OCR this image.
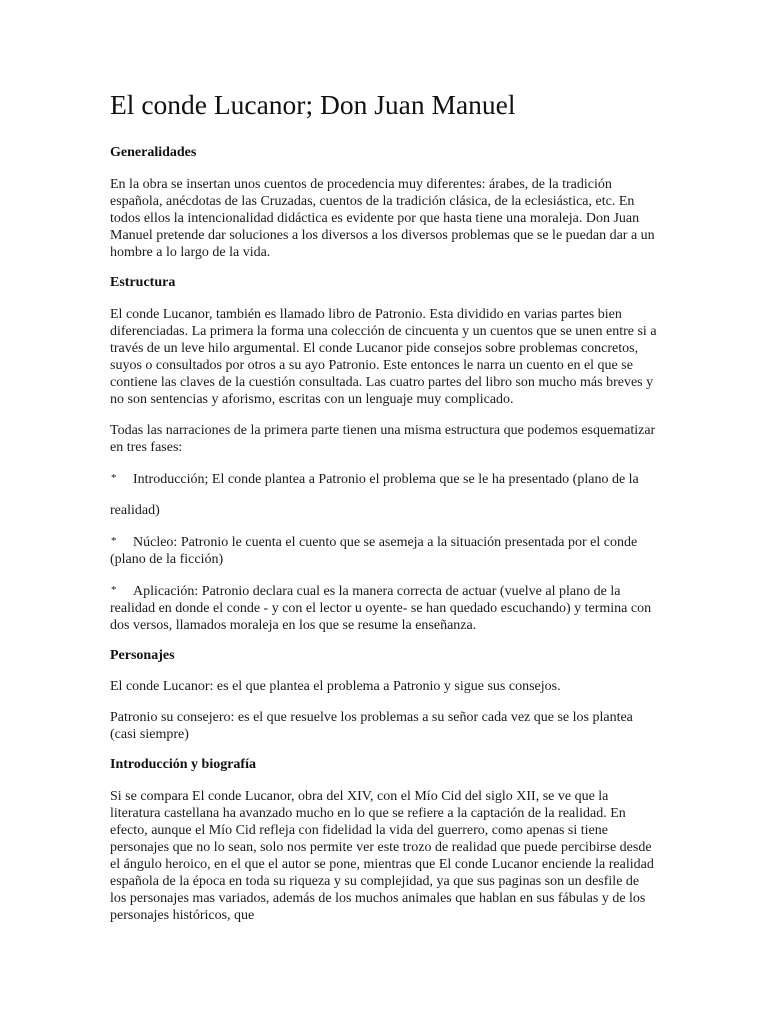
El conde Lucanor; Don Juan Manuel
Generalidades

En la obra se insertan unos cuentos de procedencia muy diferentes: árabes, de la tradición española, anécdotas de las Cruzadas, cuentos de la tradición clásica, de la eclesiástica, etc. En todos ellos la intencionalidad didáctica es evidente por que hasta tiene una moraleja. Don Juan Manuel pretende dar soluciones a los diversos a los diversos problemas que se le puedan dar a un hombre a lo largo de la vida.

Estructura

El conde Lucanor, también es llamado libro de Patronio. Esta dividido en varias partes bien diferenciadas. La primera la forma una colección de cincuenta y un cuentos que se unen entre si a través de un leve hilo argumental. El conde Lucanor pide consejos sobre problemas concretos, suyos o consultados por otros a su ayo Patronio. Este entonces le narra un cuento en el que se contiene las claves de la cuestión consultada. Las cuatro partes del libro son mucho más breves y no son sentencias y aforismo, escritas con un lenguaje muy complicado.

Todas las narraciones de la primera parte tienen una misma estructura que podemos esquematizar en tres fases:

* Introducción; El conde plantea a Patronio el problema que se le ha presentado (plano de la

realidad)

* Núcleo: Patronio le cuenta el cuento que se asemeja a la situación presentada por el conde (plano de la ficción)
* Aplicación: Patronio declara cual es la manera correcta de actuar (vuelve al plano de la realidad en donde el conde - y con el lector u oyente- se han quedado escuchando) y termina con dos versos, llamados moraleja en los que se resume la enseñanza.
Personajes

El conde Lucanor: es el que plantea el problema a Patronio y sigue sus consejos.

Patronio su consejero: es el que resuelve los problemas a su señor cada vez que se los plantea (casi siempre)

Introducción y biografía

Si se compara El conde Lucanor, obra del XIV, con el Mío Cid del siglo XII, se ve que la literatura castellana ha avanzado mucho en lo que se refiere a la captación de la realidad. En efecto, aunque el Mío Cid refleja con fidelidad la vida del guerrero, como apenas si tiene personajes que no lo sean, solo nos permite ver este trozo de realidad que puede percibirse desde el ángulo heroico, en el que el autor se pone, mientras que El conde Lucanor enciende la realidad española de la época en toda su riqueza y su complejidad, ya que sus paginas son un desfile de los personajes mas variados, además de los muchos animales que hablan en sus fábulas y de los personajes históricos, que
